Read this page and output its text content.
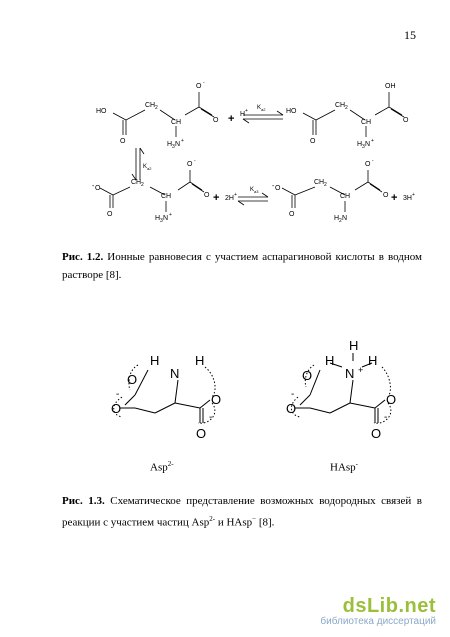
15
HO
O
CH 2
CH
O -
O
H 3 N +
+ H + K a2	HO
O
CH 2
CH
OH
O
H 3 N +
K a2
- O
O
CH 2
CH
O -
O
H 3 N +
+ 2H +
K a3
- O
O
CH 2
CH
O -
O
H 2 N
+ 3H +
Рис. 1.2. Ионные равновесия с участием аспарагиновой кислоты в водном растворе [8].
O
H
N
H
O
O
O
-
-
O
H
N
H
H
+
O
O
O
-
-
Asp$^{2-}$	HAsp-
Рис. 1.3. Схематическое представление возможных водородных связей в реакции с участием частиц Asp$^{2-}$ и HAsp− [8].
dsLib.net
библиотека диссертаций
